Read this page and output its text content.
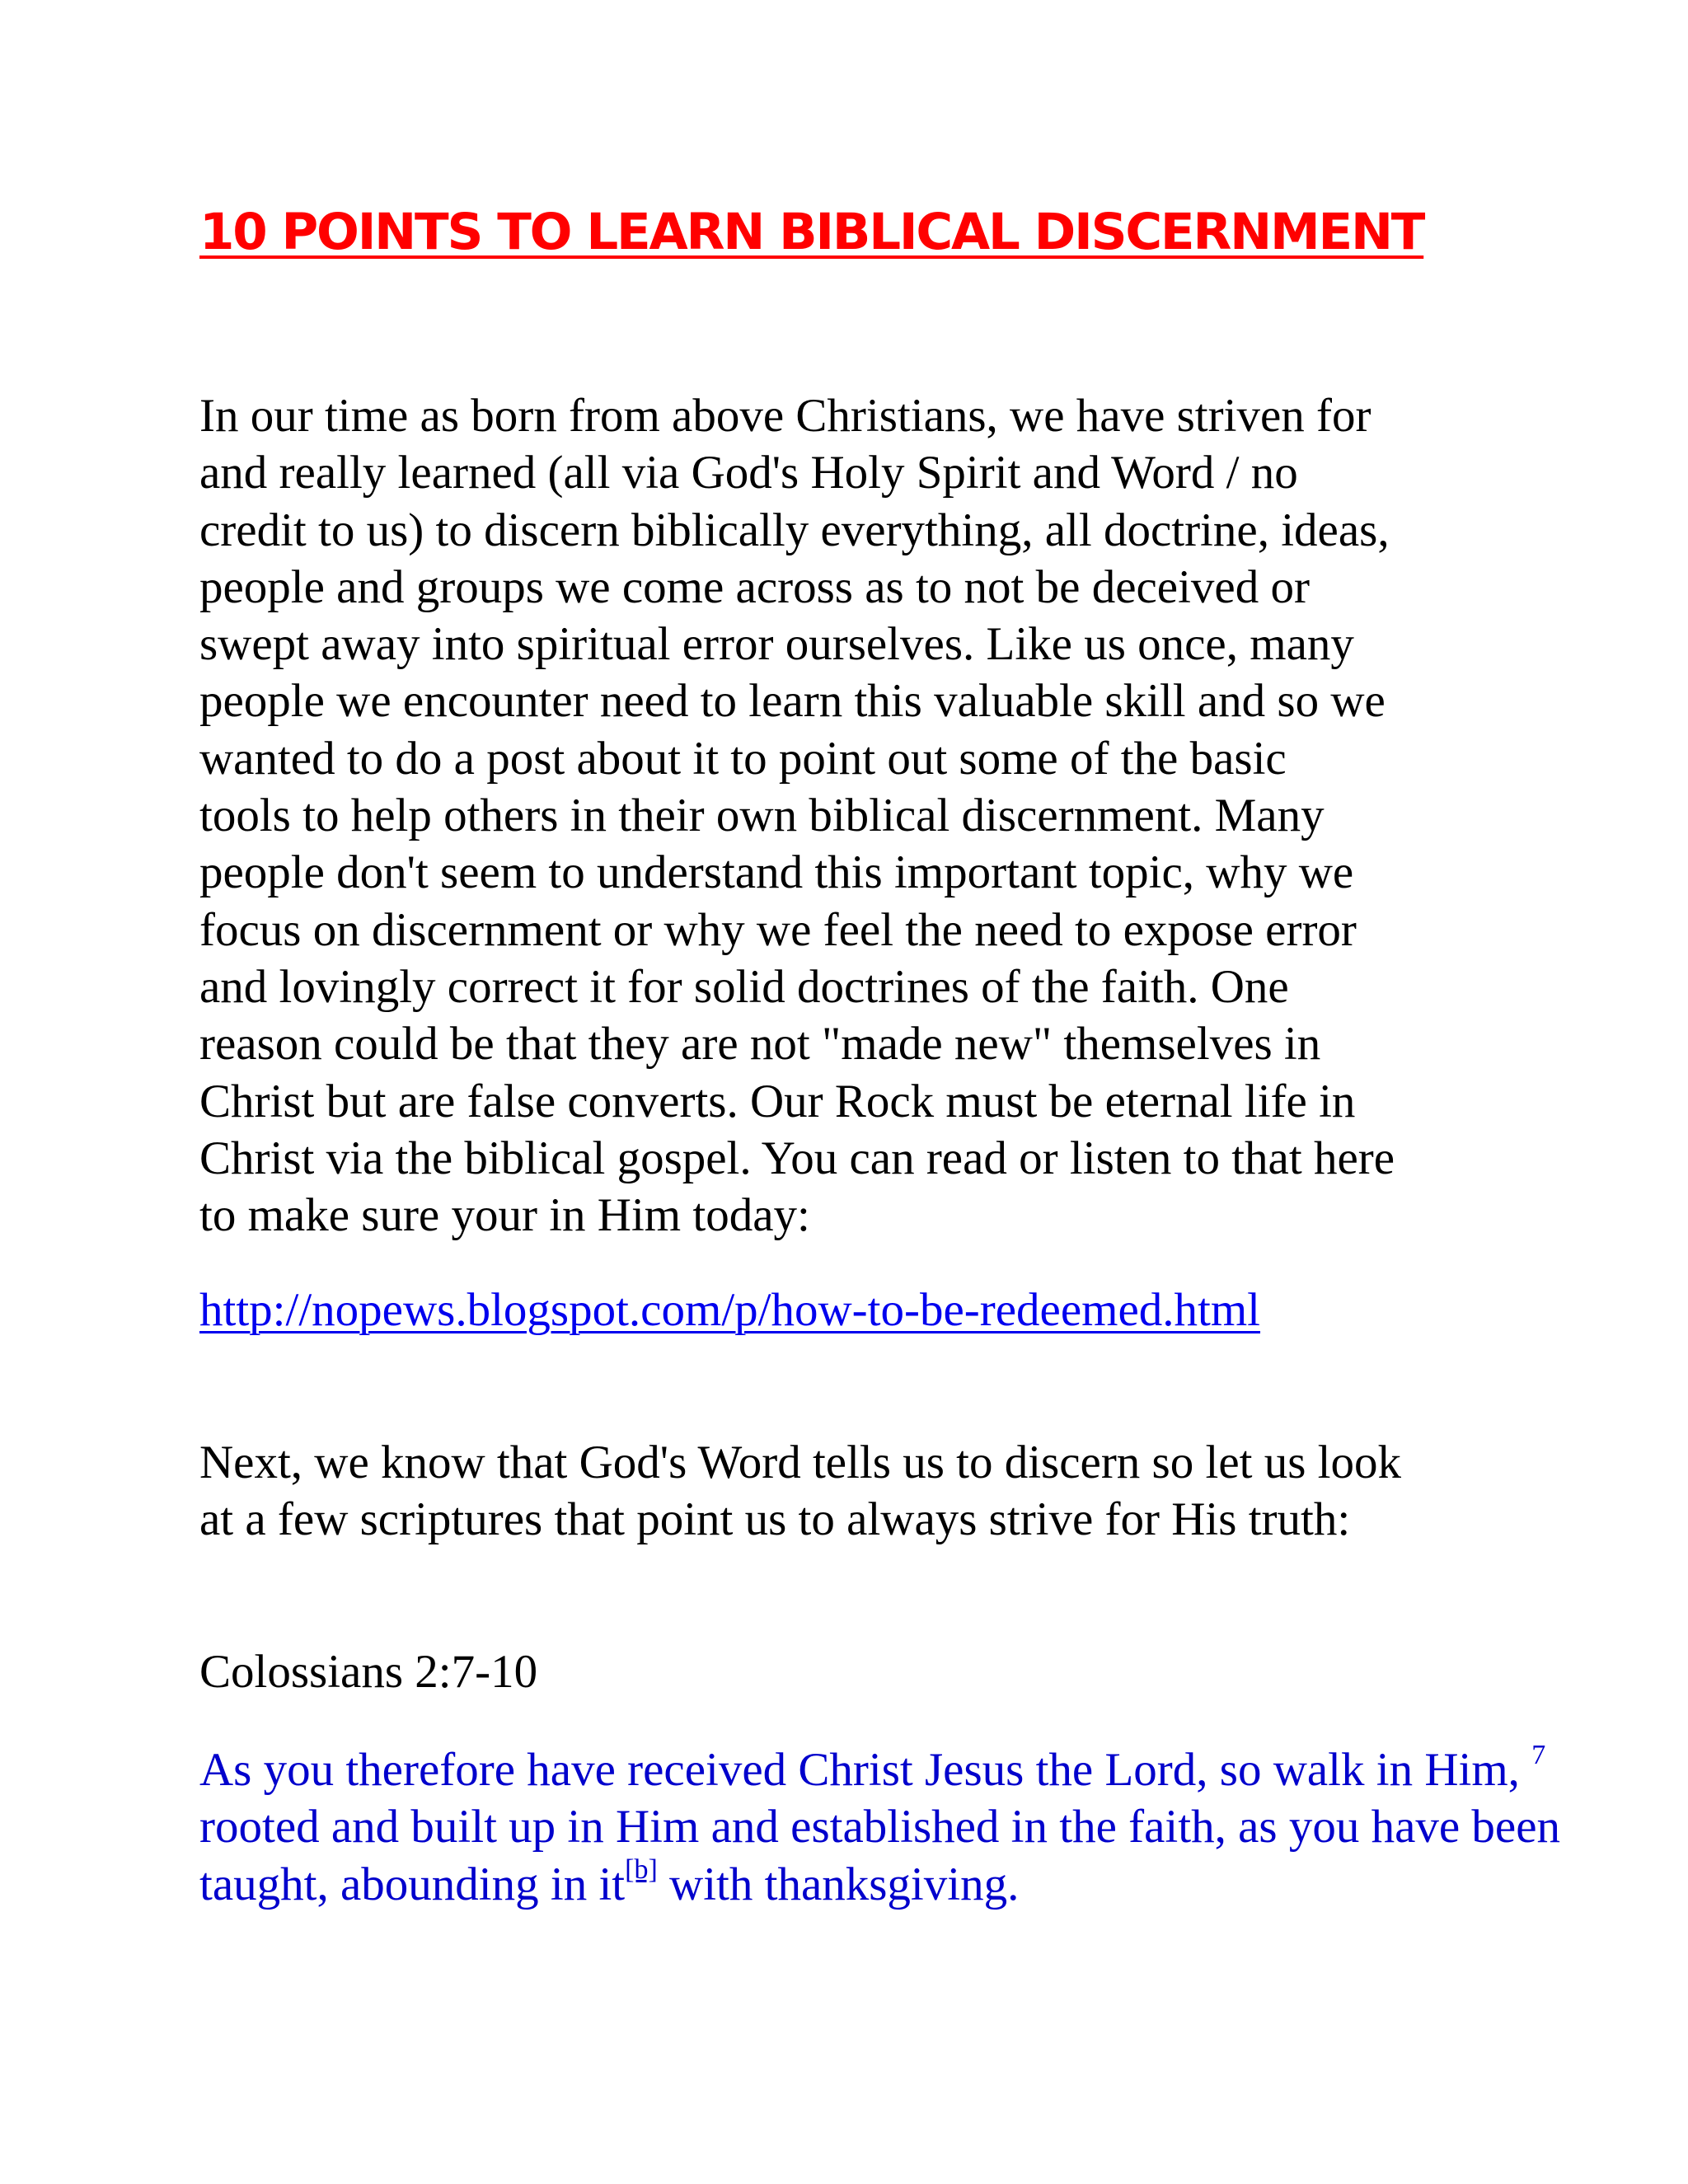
10 POINTS TO LEARN BIBLICAL DISCERNMENT

In our time as born from above Christians, we have striven for
and really learned (all via God's Holy Spirit and Word / no
credit to us) to discern biblically everything, all doctrine, ideas,
people and groups we come across as to not be deceived or
swept away into spiritual error ourselves. Like us once, many
people we encounter need to learn this valuable skill and so we
wanted to do a post about it to point out some of the basic
tools to help others in their own biblical discernment. Many
people don't seem to understand this important topic, why we
focus on discernment or why we feel the need to expose error
and lovingly correct it for solid doctrines of the faith. One
reason could be that they are not "made new" themselves in
Christ but are false converts. Our Rock must be eternal life in
Christ via the biblical gospel. You can read or listen to that here
to make sure your in Him today:

http://nopews.blogspot.com/p/how-to-be-redeemed.html

Next, we know that God's Word tells us to discern so let us look
at a few scriptures that point us to always strive for His truth:

Colossians 2:7-10

As you therefore have received Christ Jesus the Lord, so walk in Him, $^7$ rooted and built up in Him and established in the faith, as you have been taught, abounding in it[b] with thanksgiving.
